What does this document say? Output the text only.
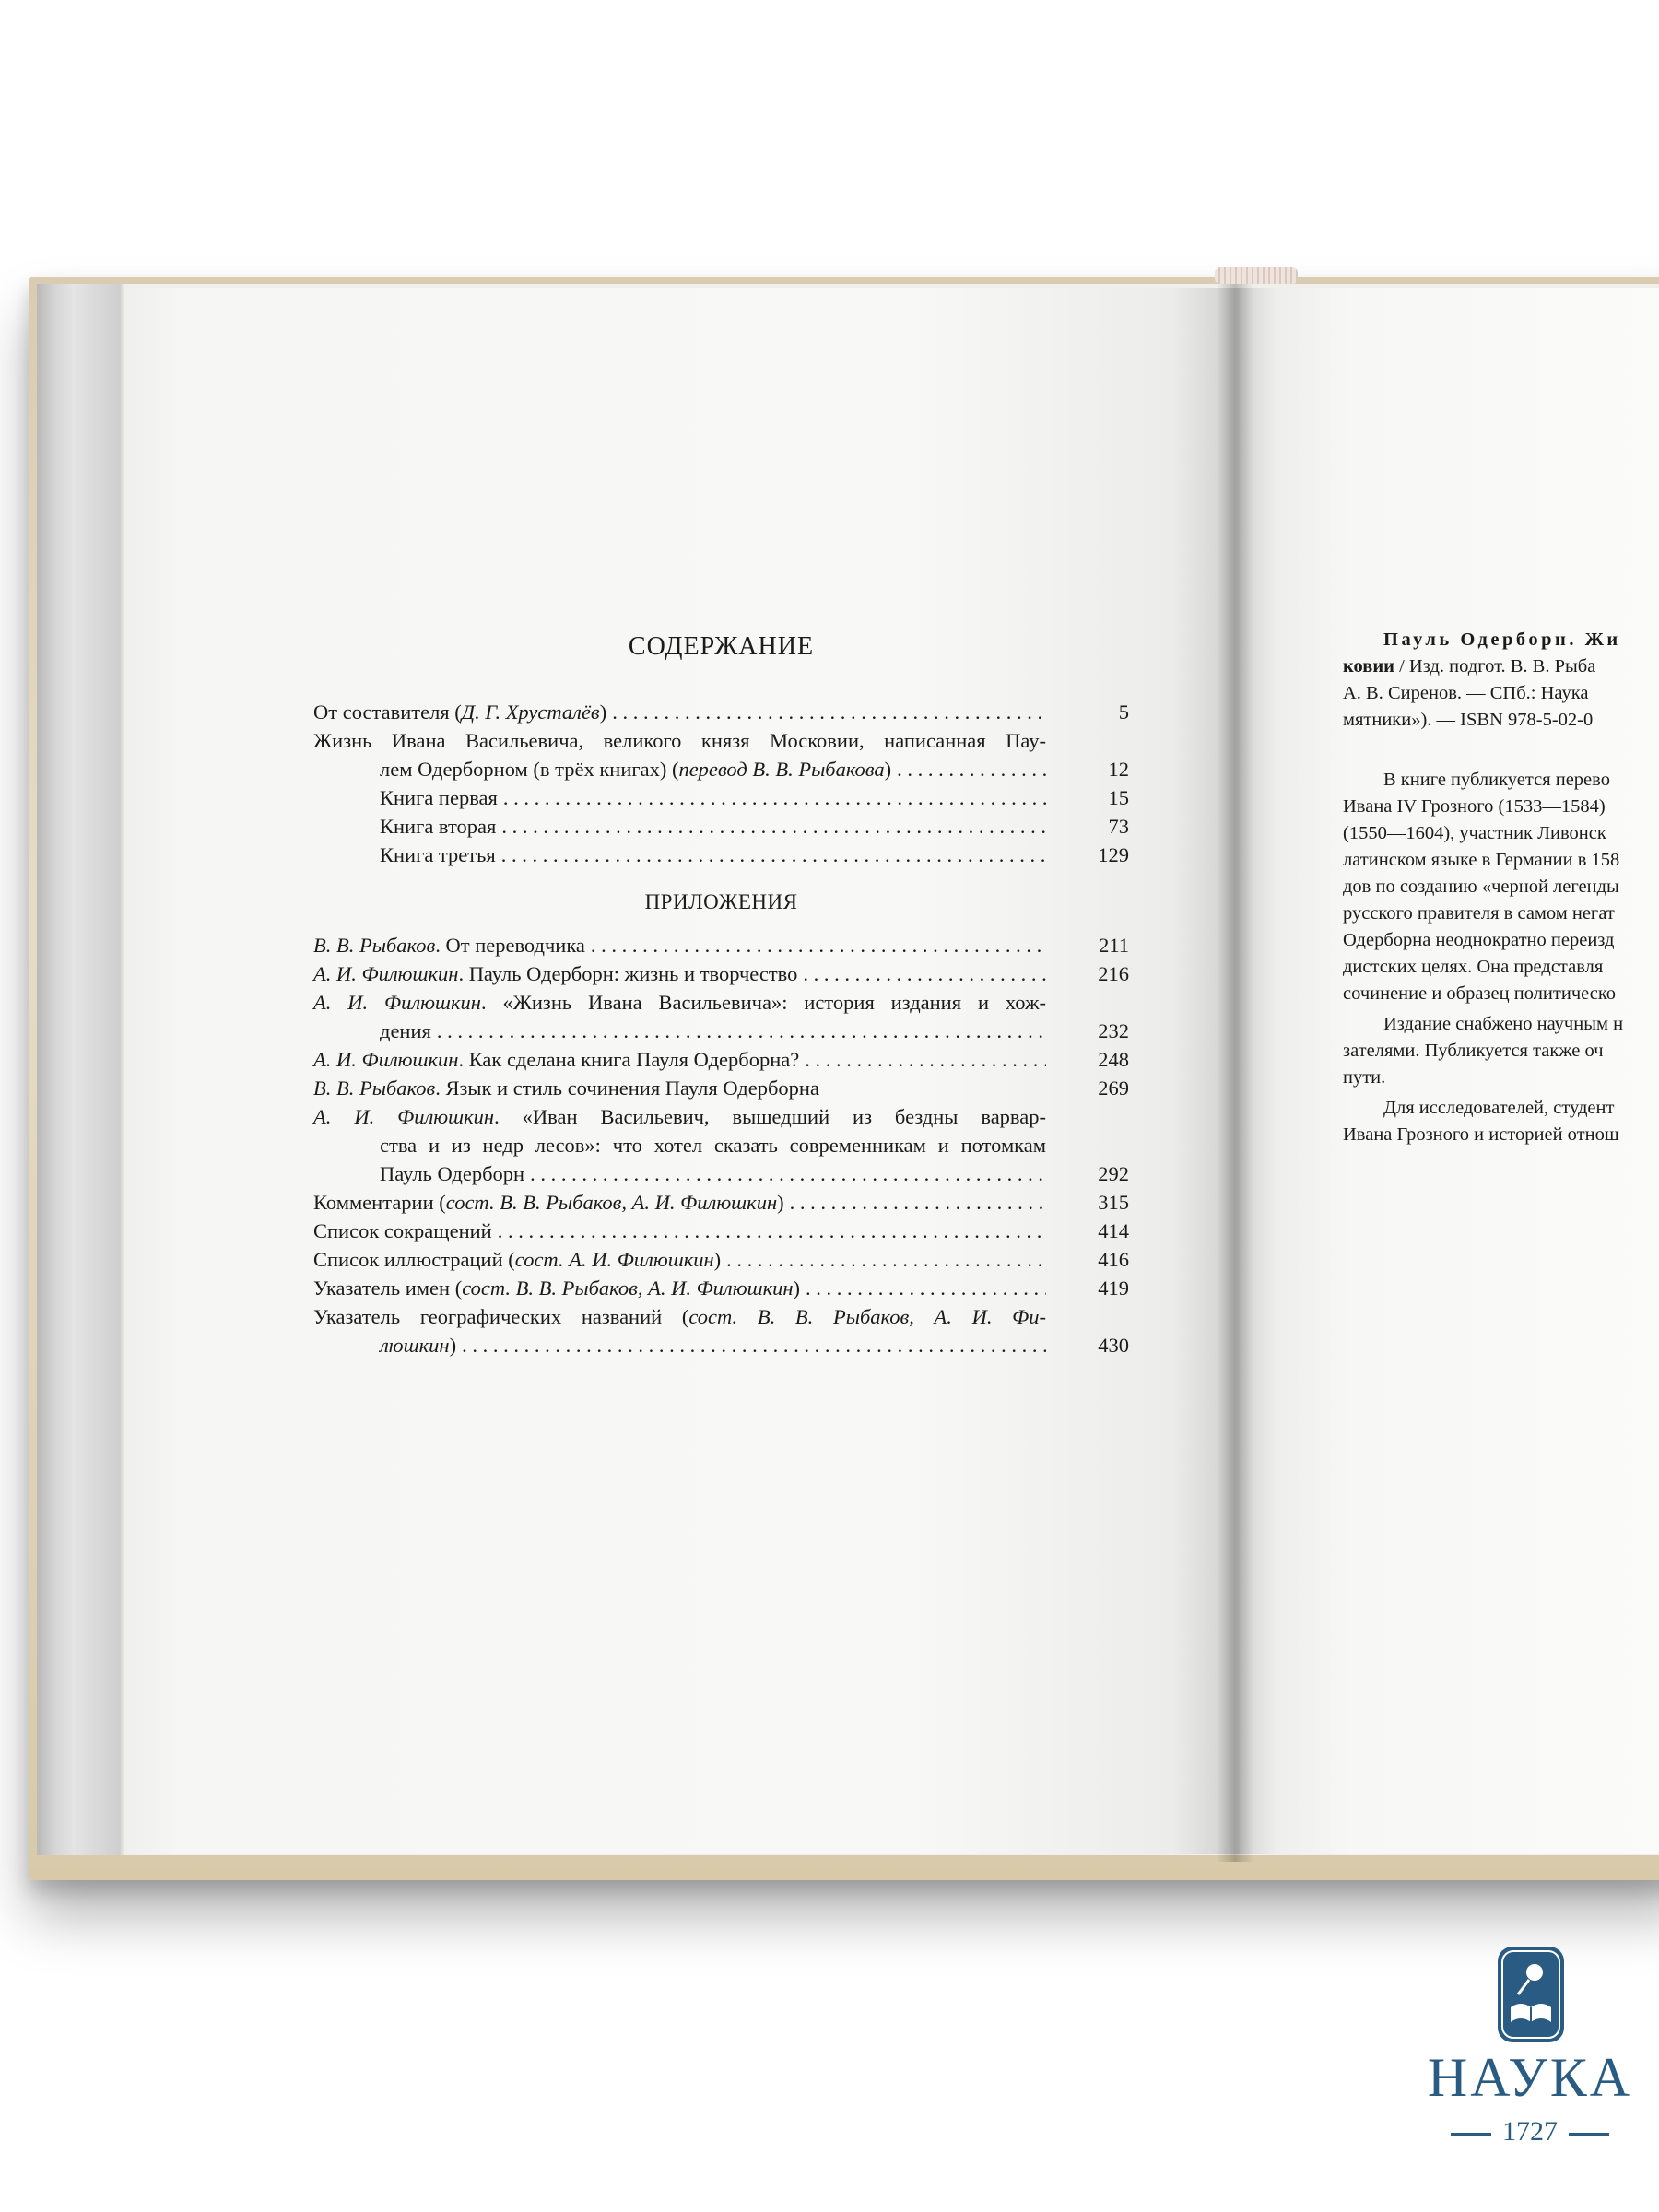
СОДЕРЖАНИЕ
От составителя (Д. Г. Хрусталёв) . . .	5
Жизнь Ивана Васильевича, великого князя Московии, написанная Пау-
лем Одерборном (в трёх книгах) (перевод В. В. Рыбакова) . . .	12
Книга первая . . .	15
Книга вторая . . .	73
Книга третья . . .	129
ПРИЛОЖЕНИЯ
В. В. Рыбаков. От переводчика . . .	211
А. И. Филюшкин. Пауль Одерборн: жизнь и творчество . . .	216
А. И. Филюшкин. «Жизнь Ивана Васильевича»: история издания и хож-
дения . . .	232
А. И. Филюшкин. Как сделана книга Пауля Одерборна? . . .	248
В. В. Рыбаков. Язык и стиль сочинения Пауля Одерборна	269
А. И. Филюшкин. «Иван Васильевич, вышедший из бездны варвар-
ства и из недр лесов»: что хотел сказать современникам и потомкам
Пауль Одерборн . . .	292
Комментарии (сост. В. В. Рыбаков, А. И. Филюшкин) . . .	315
Список сокращений . . .	414
Список иллюстраций (сост. А. И. Филюшкин) . . .	416
Указатель имен (сост. В. В. Рыбаков, А. И. Филюшкин) . . .	419
Указатель географических названий (сост. В. В. Рыбаков, А. И. Фи-
люшкин) . . .	430
Пауль Одерборн. Жи
ковии / Изд. подгот. В. В. Рыба
А. В. Сиренов. — СПб.: Наука
мятники»). — ISBN 978-5-02-0
В книге публикуется перево
Ивана IV Грозного (1533—1584)
(1550—1604), участник Ливонск
латинском языке в Германии в 158
дов по созданию «черной легенды
русского правителя в самом негат
Одерборна неоднократно переизд
дистских целях. Она представля
сочинение и образец политическо
Издание снабжено научным н
зателями. Публикуется также оч
пути.
Для исследователей, студент
Ивана Грозного и историей отнош
НАУКА
1727
